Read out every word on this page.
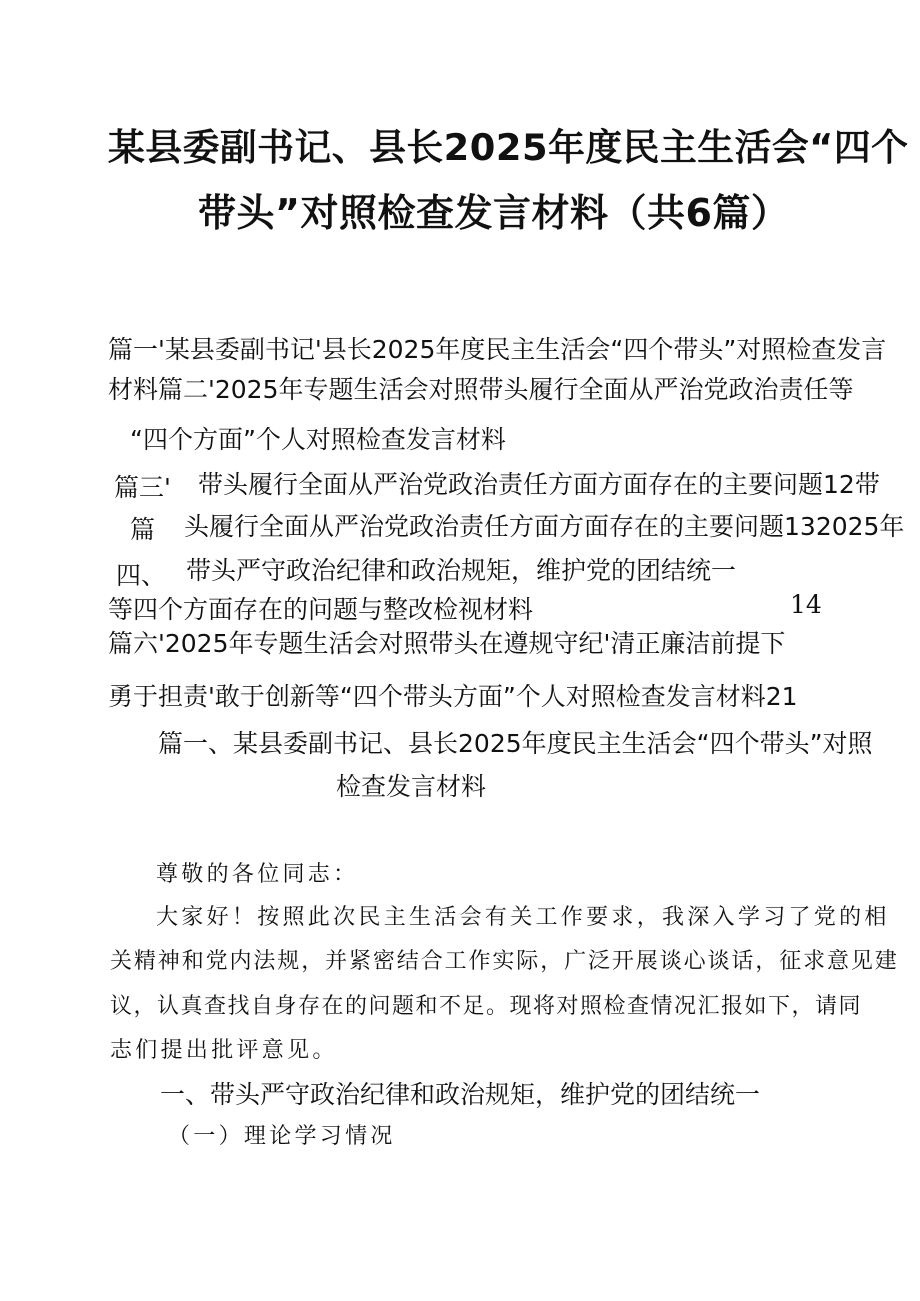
某县委副书记、县长2025年度民主生活会“四个
带头”对照检查发言材料（共6篇）
篇一'某县委副书记'县长2025年度民主生活会“四个带头”对照检查发言
材料篇二'2025年专题生活会对照带头履行全面从严治党政治责任等
“四个方面”个人对照检查发言材料
篇三' 带头履行全面从严治党政治责任方面方面存在的主要问题12带
篇 头履行全面从严治党政治责任方面方面存在的主要问题132025年
四、 带头严守政治纪律和政治规矩，维护党的团结统一
等四个方面存在的问题与整改检视材料	14
篇六'2025年专题生活会对照带头在遵规守纪'清正廉洁前提下
勇于担责'敢于创新等“四个带头方面”个人对照检查发言材料21
篇一、某县委副书记、县长2025年度民主生活会“四个带头”对照
检查发言材料
尊敬的各位同志：
大家好！按照此次民主生活会有关工作要求，我深入学习了党的相
关精神和党内法规，并紧密结合工作实际，广泛开展谈心谈话，征求意见建
议，认真查找自身存在的问题和不足。现将对照检查情况汇报如下，请同
志们提出批评意见。
一、带头严守政治纪律和政治规矩，维护党的团结统一
（一）理论学习情况
